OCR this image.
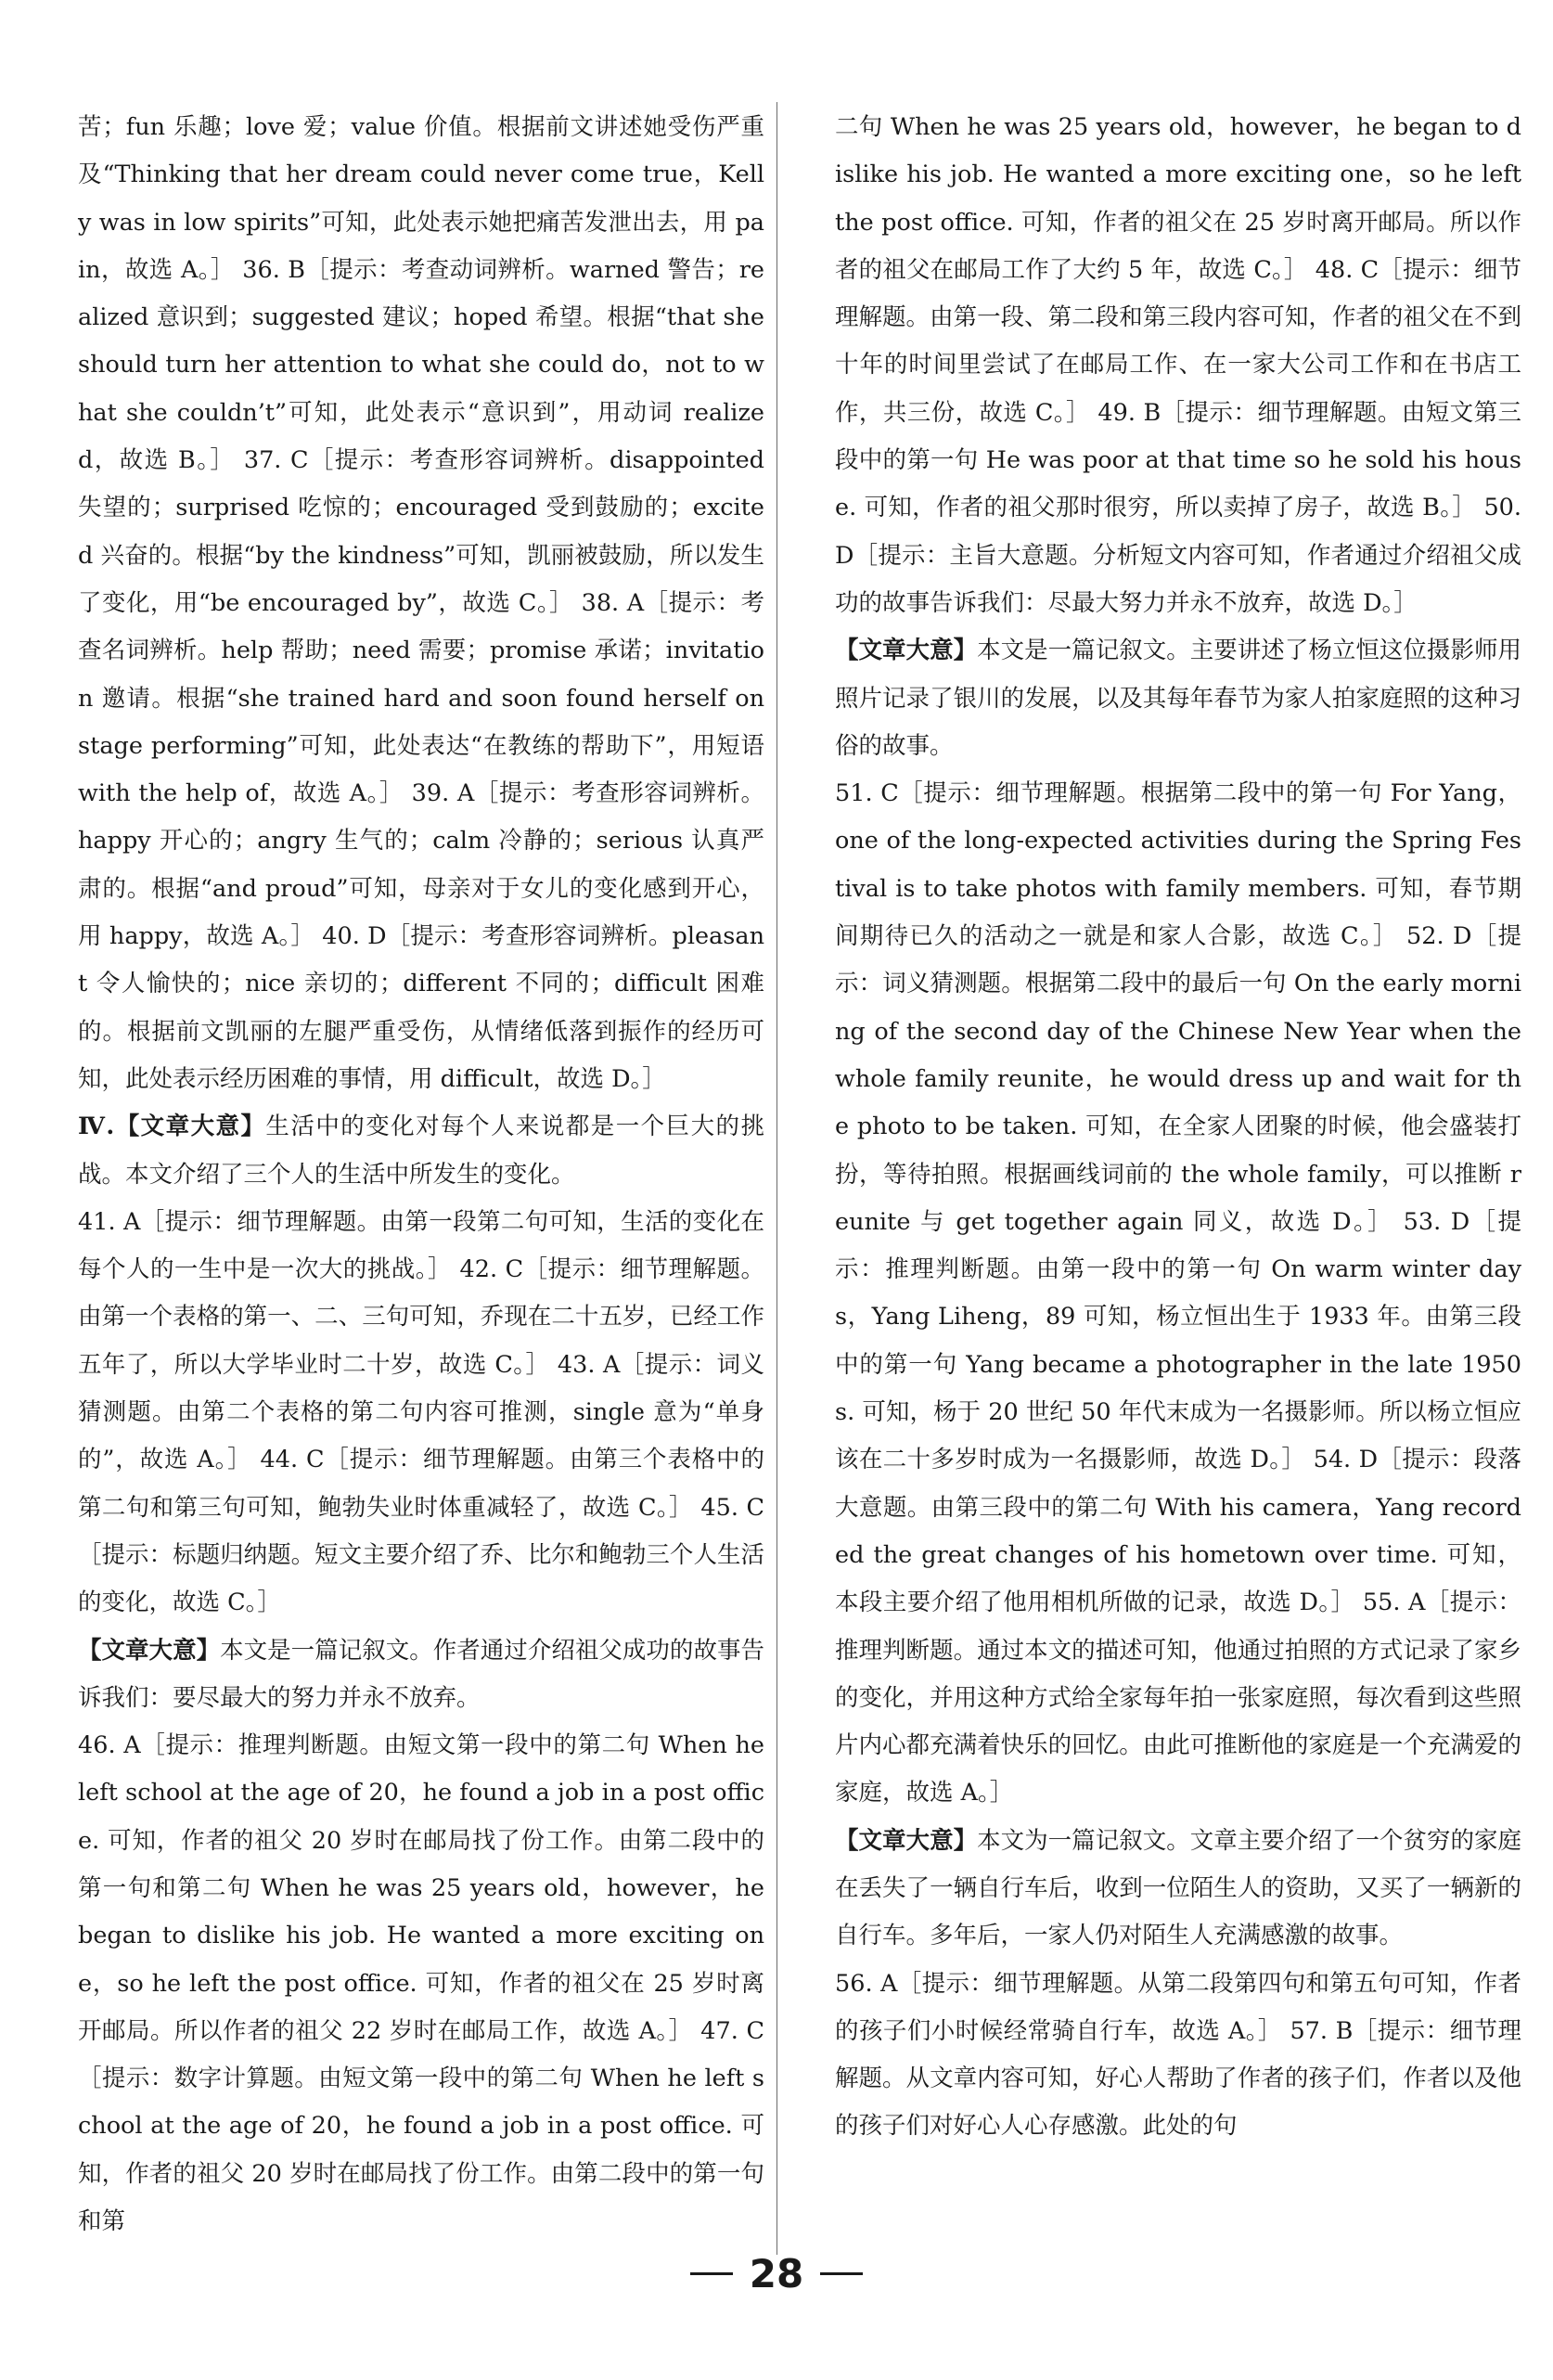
苦；fun 乐趣；love 爱；value 价值。根据前文讲述她受伤严重及“Thinking that her dream could never come true，Kelly was in low spirits”可知，此处表示她把痛苦发泄出去，用 pain，故选 A。］ 36. B［提示：考查动词辨析。warned 警告；realized 意识到；suggested 建议；hoped 希望。根据“that she should turn her attention to what she could do，not to what she couldn’t”可知，此处表示“意识到”，用动词 realized，故选 B。］ 37. C［提示：考查形容词辨析。disappointed 失望的；surprised 吃惊的；encouraged 受到鼓励的；excited 兴奋的。根据“by the kindness”可知，凯丽被鼓励，所以发生了变化，用“be encouraged by”，故选 C。］ 38. A［提示：考查名词辨析。help 帮助；need 需要；promise 承诺；invitation 邀请。根据“she trained hard and soon found herself on stage performing”可知，此处表达“在教练的帮助下”，用短语 with the help of，故选 A。］ 39. A［提示：考查形容词辨析。happy 开心的；angry 生气的；calm 冷静的；serious 认真严肃的。根据“and proud”可知，母亲对于女儿的变化感到开心，用 happy，故选 A。］ 40. D［提示：考查形容词辨析。pleasant 令人愉快的；nice 亲切的；different 不同的；difficult 困难的。根据前文凯丽的左腿严重受伤，从情绪低落到振作的经历可知，此处表示经历困难的事情，用 difficult，故选 D。］

Ⅳ.【文章大意】生活中的变化对每个人来说都是一个巨大的挑战。本文介绍了三个人的生活中所发生的变化。

41. A［提示：细节理解题。由第一段第二句可知，生活的变化在每个人的一生中是一次大的挑战。］ 42. C［提示：细节理解题。由第一个表格的第一、二、三句可知，乔现在二十五岁，已经工作五年了，所以大学毕业时二十岁，故选 C。］ 43. A［提示：词义猜测题。由第二个表格的第二句内容可推测，single 意为“单身的”，故选 A。］ 44. C［提示：细节理解题。由第三个表格中的第二句和第三句可知，鲍勃失业时体重减轻了，故选 C。］ 45. C［提示：标题归纳题。短文主要介绍了乔、比尔和鲍勃三个人生活的变化，故选 C。］

【文章大意】本文是一篇记叙文。作者通过介绍祖父成功的故事告诉我们：要尽最大的努力并永不放弃。

46. A［提示：推理判断题。由短文第一段中的第二句 When he left school at the age of 20，he found a job in a post office. 可知，作者的祖父 20 岁时在邮局找了份工作。由第二段中的第一句和第二句 When he was 25 years old，however，he began to dislike his job. He wanted a more exciting one，so he left the post office. 可知，作者的祖父在 25 岁时离开邮局。所以作者的祖父 22 岁时在邮局工作，故选 A。］ 47. C［提示：数字计算题。由短文第一段中的第二句 When he left school at the age of 20，he found a job in a post office. 可知，作者的祖父 20 岁时在邮局找了份工作。由第二段中的第一句和第

二句 When he was 25 years old，however，he began to dislike his job. He wanted a more exciting one，so he left the post office. 可知，作者的祖父在 25 岁时离开邮局。所以作者的祖父在邮局工作了大约 5 年，故选 C。］ 48. C［提示：细节理解题。由第一段、第二段和第三段内容可知，作者的祖父在不到十年的时间里尝试了在邮局工作、在一家大公司工作和在书店工作，共三份，故选 C。］ 49. B［提示：细节理解题。由短文第三段中的第一句 He was poor at that time so he sold his house. 可知，作者的祖父那时很穷，所以卖掉了房子，故选 B。］ 50. D［提示：主旨大意题。分析短文内容可知，作者通过介绍祖父成功的故事告诉我们：尽最大努力并永不放弃，故选 D。］

【文章大意】本文是一篇记叙文。主要讲述了杨立恒这位摄影师用照片记录了银川的发展，以及其每年春节为家人拍家庭照的这种习俗的故事。

51. C［提示：细节理解题。根据第二段中的第一句 For Yang，one of the long-expected activities during the Spring Festival is to take photos with family members. 可知，春节期间期待已久的活动之一就是和家人合影，故选 C。］ 52. D［提示：词义猜测题。根据第二段中的最后一句 On the early morning of the second day of the Chinese New Year when the whole family reunite，he would dress up and wait for the photo to be taken. 可知，在全家人团聚的时候，他会盛装打扮，等待拍照。根据画线词前的 the whole family，可以推断 reunite 与 get together again 同义，故选 D。］ 53. D［提示：推理判断题。由第一段中的第一句 On warm winter days，Yang Liheng，89 可知，杨立恒出生于 1933 年。由第三段中的第一句 Yang became a photographer in the late 1950s. 可知，杨于 20 世纪 50 年代末成为一名摄影师。所以杨立恒应该在二十多岁时成为一名摄影师，故选 D。］ 54. D［提示：段落大意题。由第三段中的第二句 With his camera，Yang recorded the great changes of his hometown over time. 可知，本段主要介绍了他用相机所做的记录，故选 D。］ 55. A［提示：推理判断题。通过本文的描述可知，他通过拍照的方式记录了家乡的变化，并用这种方式给全家每年拍一张家庭照，每次看到这些照片内心都充满着快乐的回忆。由此可推断他的家庭是一个充满爱的家庭，故选 A。］

【文章大意】本文为一篇记叙文。文章主要介绍了一个贫穷的家庭在丢失了一辆自行车后，收到一位陌生人的资助，又买了一辆新的自行车。多年后，一家人仍对陌生人充满感激的故事。

56. A［提示：细节理解题。从第二段第四句和第五句可知，作者的孩子们小时候经常骑自行车，故选 A。］ 57. B［提示：细节理解题。从文章内容可知，好心人帮助了作者的孩子们，作者以及他的孩子们对好心人心存感激。此处的句

28
